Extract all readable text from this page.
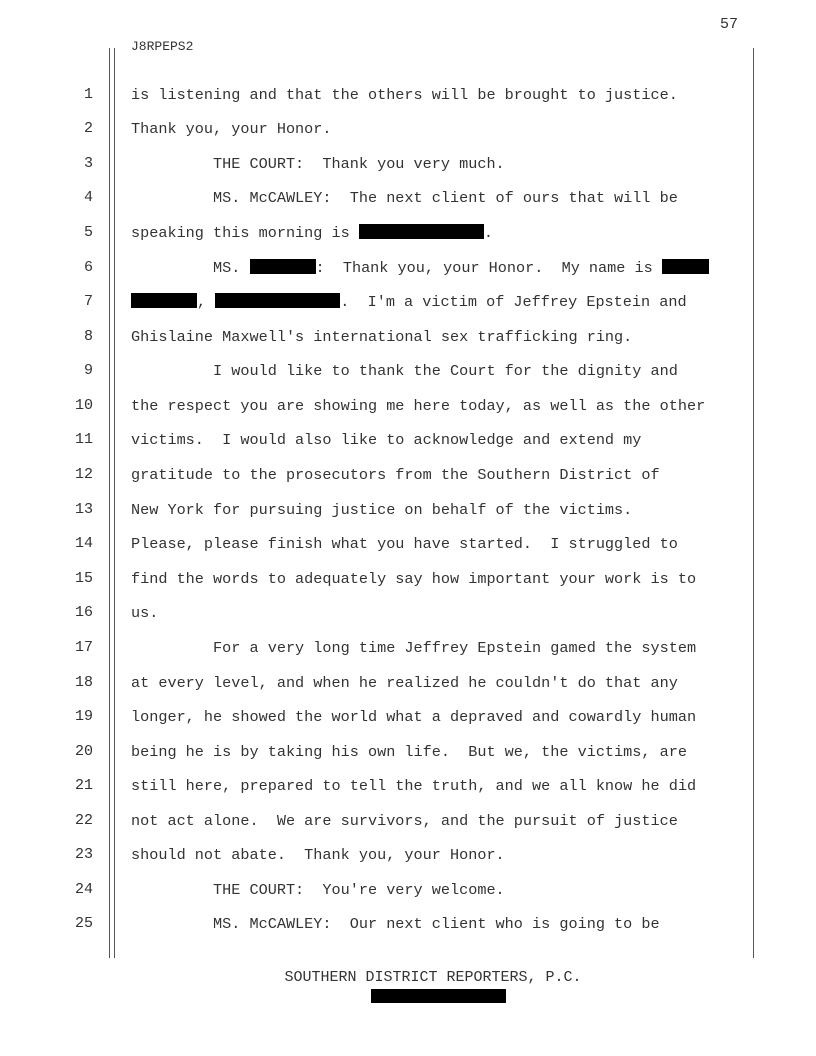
57
J8RPEPS2
1	is listening and that the others will be brought to justice.
2	Thank you, your Honor.
3	THE COURT:  Thank you very much.
4	MS. McCAWLEY:  The next client of ours that will be
5	speaking this morning is	.
6	MS.	:  Thank you, your Honor.  My name is
7	,	.  I'm a victim of Jeffrey Epstein and
8	Ghislaine Maxwell's international sex trafficking ring.
9	I would like to thank the Court for the dignity and
10	the respect you are showing me here today, as well as the other
11	victims.  I would also like to acknowledge and extend my
12	gratitude to the prosecutors from the Southern District of
13	New York for pursuing justice on behalf of the victims.
14	Please, please finish what you have started.  I struggled to
15	find the words to adequately say how important your work is to
16	us.
17	For a very long time Jeffrey Epstein gamed the system
18	at every level, and when he realized he couldn't do that any
19	longer, he showed the world what a depraved and cowardly human
20	being he is by taking his own life.  But we, the victims, are
21	still here, prepared to tell the truth, and we all know he did
22	not act alone.  We are survivors, and the pursuit of justice
23	should not abate.  Thank you, your Honor.
24	THE COURT:  You're very welcome.
25	MS. McCAWLEY:  Our next client who is going to be
SOUTHERN DISTRICT REPORTERS, P.C.
